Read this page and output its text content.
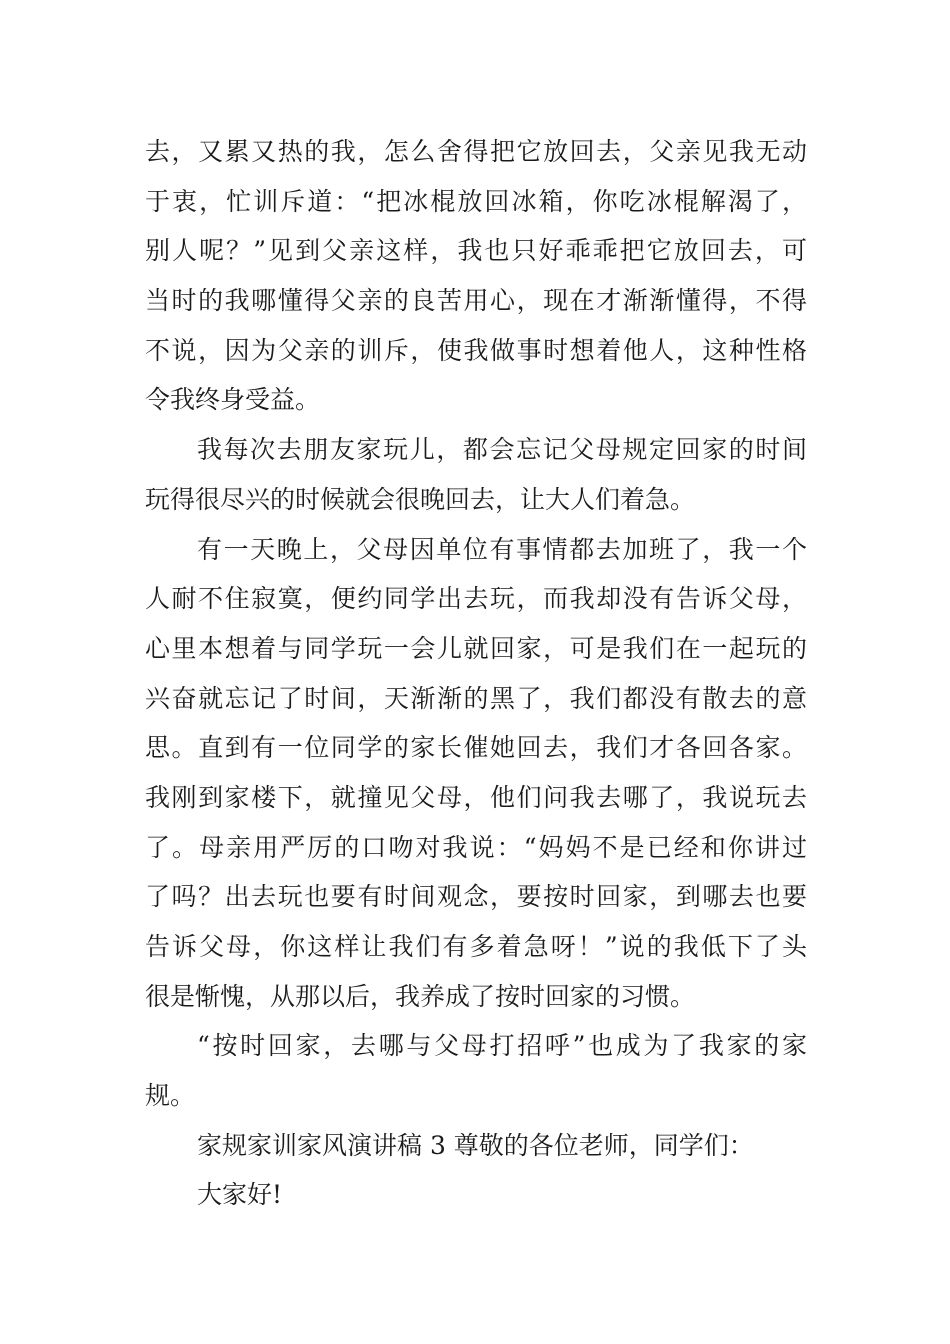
去，又累又热的我，怎么舍得把它放回去，父亲见我无动
于衷，忙训斥道：“把冰棍放回冰箱，你吃冰棍解渴了，
别人呢？”见到父亲这样，我也只好乖乖把它放回去，可
当时的我哪懂得父亲的良苦用心，现在才渐渐懂得，不得
不说，因为父亲的训斥，使我做事时想着他人，这种性格
令我终身受益。
我每次去朋友家玩儿，都会忘记父母规定回家的时间
玩得很尽兴的时候就会很晚回去，让大人们着急。
有一天晚上，父母因单位有事情都去加班了，我一个
人耐不住寂寞，便约同学出去玩，而我却没有告诉父母，
心里本想着与同学玩一会儿就回家，可是我们在一起玩的
兴奋就忘记了时间，天渐渐的黑了，我们都没有散去的意
思。直到有一位同学的家长催她回去，我们才各回各家。
我刚到家楼下，就撞见父母，他们问我去哪了，我说玩去
了。母亲用严厉的口吻对我说：“妈妈不是已经和你讲过
了吗？出去玩也要有时间观念，要按时回家，到哪去也要
告诉父母，你这样让我们有多着急呀！”说的我低下了头
很是惭愧，从那以后，我养成了按时回家的习惯。
“按时回家，去哪与父母打招呼”也成为了我家的家
规。
家规家训家风演讲稿 3 尊敬的各位老师，同学们：
大家好!
